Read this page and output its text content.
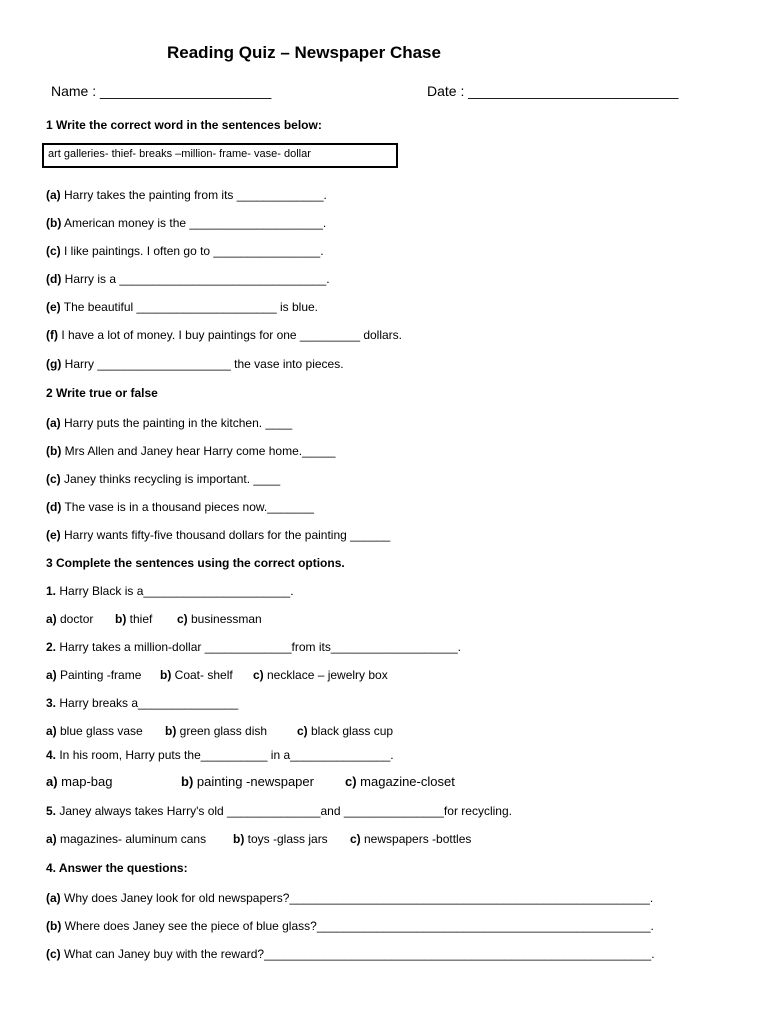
Reading Quiz – Newspaper Chase
Name : ______________________	Date : ___________________________
1 Write the correct word in the sentences below:
art galleries- thief- breaks –million- frame- vase- dollar
(a) Harry takes the painting from its _____________.
(b) American money is the ____________________.
(c) I like paintings. I often go to ________________.
(d) Harry is a _______________________________.
(e) The beautiful _____________________ is blue.
(f) I have a lot of money. I buy paintings for one _________ dollars.
(g) Harry ____________________ the vase into pieces.
2 Write true or false
(a) Harry puts the painting in the kitchen. ____
(b) Mrs Allen and Janey hear Harry come home._____
(c) Janey thinks recycling is important. ____
(d) The vase is in a thousand pieces now._______
(e) Harry wants fifty-five thousand dollars for the painting ______
3 Complete the sentences using the correct options.
1. Harry Black is a______________________.
a) doctor b) thief c) businessman
2. Harry takes a million-dollar _____________from its___________________.
a) Painting -frame b) Coat- shelf c) necklace – jewelry box
3. Harry breaks a_______________
a) blue glass vase b) green glass dish c) black glass cup
4. In his room, Harry puts the__________ in a_______________.
a) map-bag	b) painting -newspaper c) magazine-closet
5. Janey always takes Harry's old ______________and _______________for recycling.
a) magazines- aluminum cans b) toys -glass jars c) newspapers -bottles
4. Answer the questions:
(a) Why does Janey look for old newspapers?______________________________________________________.
(b) Where does Janey see the piece of blue glass?__________________________________________________.
(c) What can Janey buy with the reward?__________________________________________________________.
